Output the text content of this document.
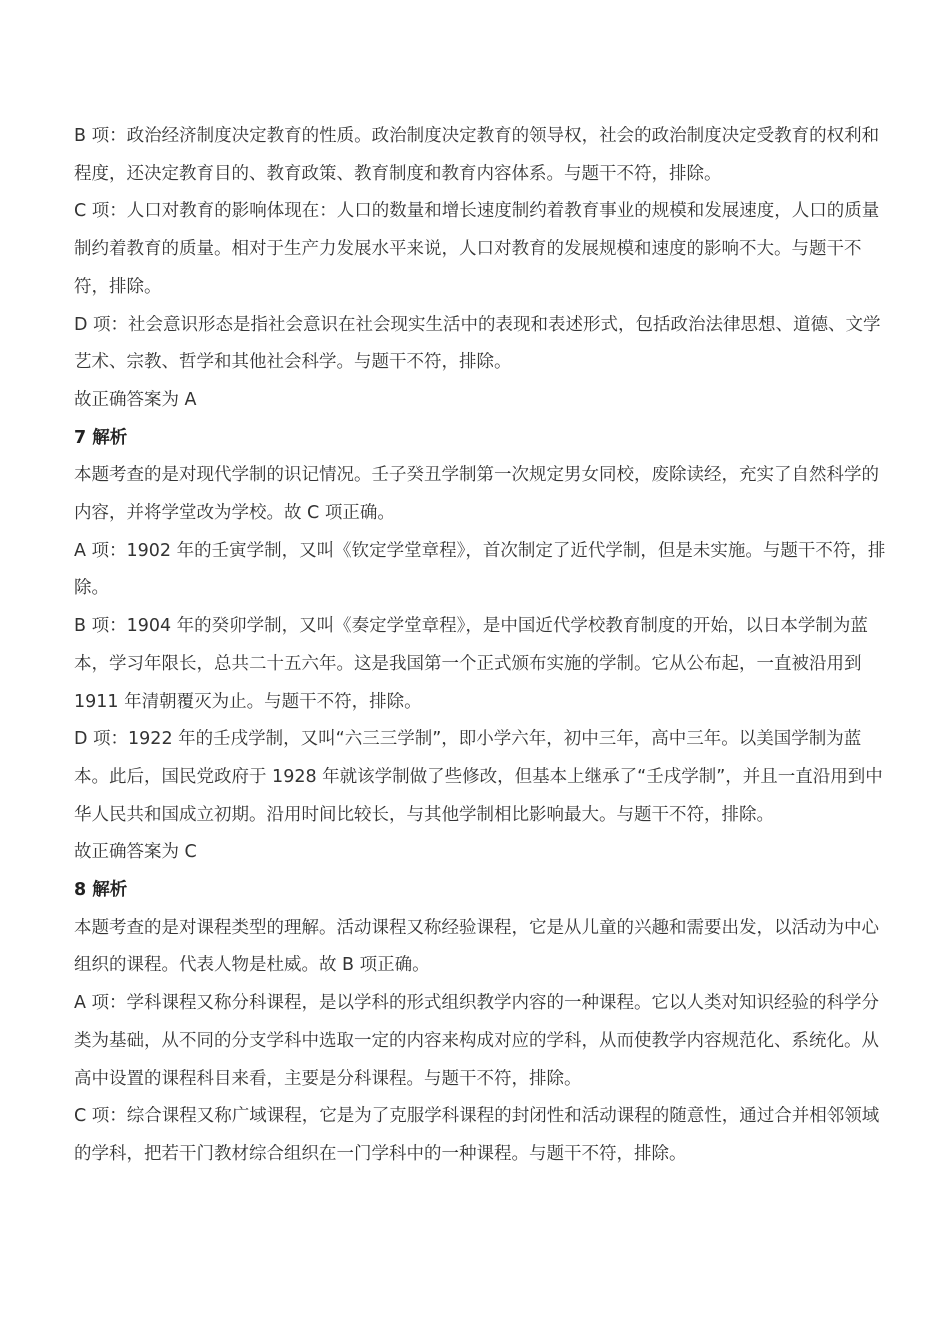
B 项：政治经济制度决定教育的性质。政治制度决定教育的领导权，社会的政治制度决定受教育的权利和程度，还决定教育目的、教育政策、教育制度和教育内容体系。与题干不符，排除。

C 项：人口对教育的影响体现在：人口的数量和增长速度制约着教育事业的规模和发展速度，人口的质量制约着教育的质量。相对于生产力发展水平来说，人口对教育的发展规模和速度的影响不大。与题干不符，排除。

D 项：社会意识形态是指社会意识在社会现实生活中的表现和表述形式，包括政治法律思想、道德、文学艺术、宗教、哲学和其他社会科学。与题干不符，排除。

故正确答案为 A

7 解析

本题考查的是对现代学制的识记情况。壬子癸丑学制第一次规定男女同校，废除读经，充实了自然科学的内容，并将学堂改为学校。故 C 项正确。

A 项：1902 年的壬寅学制，又叫《钦定学堂章程》，首次制定了近代学制，但是未实施。与题干不符，排除。

B 项：1904 年的癸卯学制，又叫《奏定学堂章程》，是中国近代学校教育制度的开始，以日本学制为蓝本，学习年限长，总共二十五六年。这是我国第一个正式颁布实施的学制。它从公布起，一直被沿用到 1911 年清朝覆灭为止。与题干不符，排除。

D 项：1922 年的壬戌学制，又叫“六三三学制”，即小学六年，初中三年，高中三年。以美国学制为蓝本。此后，国民党政府于 1928 年就该学制做了些修改，但基本上继承了“壬戌学制”，并且一直沿用到中华人民共和国成立初期。沿用时间比较长，与其他学制相比影响最大。与题干不符，排除。

故正确答案为 C

8 解析

本题考查的是对课程类型的理解。活动课程又称经验课程，它是从儿童的兴趣和需要出发，以活动为中心组织的课程。代表人物是杜威。故 B 项正确。

A 项：学科课程又称分科课程，是以学科的形式组织教学内容的一种课程。它以人类对知识经验的科学分类为基础，从不同的分支学科中选取一定的内容来构成对应的学科，从而使教学内容规范化、系统化。从高中设置的课程科目来看，主要是分科课程。与题干不符，排除。

C 项：综合课程又称广域课程，它是为了克服学科课程的封闭性和活动课程的随意性，通过合并相邻领域的学科，把若干门教材综合组织在一门学科中的一种课程。与题干不符，排除。
